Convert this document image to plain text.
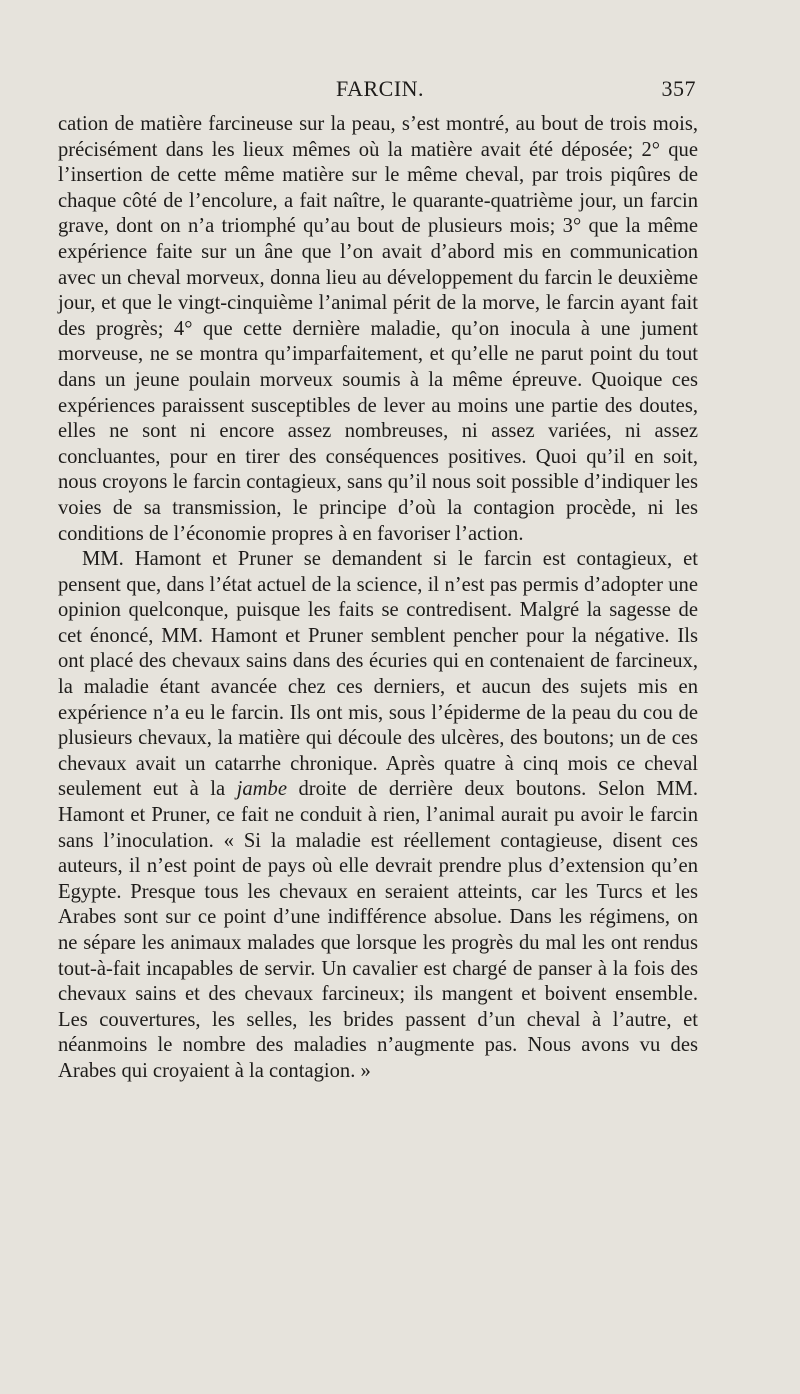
FARCIN.	357

cation de matière farcineuse sur la peau, s’est montré, au bout de trois mois, précisément dans les lieux mêmes où la matière avait été déposée; 2° que l’insertion de cette même matière sur le même cheval, par trois piqûres de chaque côté de l’encolure, a fait naître, le quarante-quatrième jour, un farcin grave, dont on n’a triomphé qu’au bout de plusieurs mois; 3° que la même expérience faite sur un âne que l’on avait d’abord mis en communication avec un cheval morveux, donna lieu au développement du farcin le deuxième jour, et que le vingt-cinquième l’animal périt de la morve, le farcin ayant fait des progrès; 4° que cette dernière maladie, qu’on inocula à une jument morveuse, ne se montra qu’imparfaitement, et qu’elle ne parut point du tout dans un jeune poulain morveux soumis à la même épreuve. Quoique ces expériences paraissent susceptibles de lever au moins une partie des doutes, elles ne sont ni encore assez nombreuses, ni assez variées, ni assez concluantes, pour en tirer des conséquences positives. Quoi qu’il en soit, nous croyons le farcin contagieux, sans qu’il nous soit possible d’indiquer les voies de sa transmission, le principe d’où la contagion procède, ni les conditions de l’économie propres à en favoriser l’action.

MM. Hamont et Pruner se demandent si le farcin est contagieux, et pensent que, dans l’état actuel de la science, il n’est pas permis d’adopter une opinion quelconque, puisque les faits se contredisent. Malgré la sagesse de cet énoncé, MM. Hamont et Pruner semblent pencher pour la négative. Ils ont placé des chevaux sains dans des écuries qui en contenaient de farcineux, la maladie étant avancée chez ces derniers, et aucun des sujets mis en expérience n’a eu le farcin. Ils ont mis, sous l’épiderme de la peau du cou de plusieurs chevaux, la matière qui découle des ulcères, des boutons; un de ces chevaux avait un catarrhe chronique. Après quatre à cinq mois ce cheval seulement eut à la jambe droite de derrière deux boutons. Selon MM. Hamont et Pruner, ce fait ne conduit à rien, l’animal aurait pu avoir le farcin sans l’inoculation. « Si la maladie est réellement contagieuse, disent ces auteurs, il n’est point de pays où elle devrait prendre plus d’extension qu’en Egypte. Presque tous les chevaux en seraient atteints, car les Turcs et les Arabes sont sur ce point d’une indifférence absolue. Dans les régimens, on ne sépare les animaux malades que lorsque les progrès du mal les ont rendus tout-à-fait incapables de servir. Un cavalier est chargé de panser à la fois des chevaux sains et des chevaux farcineux; ils mangent et boivent ensemble. Les couvertures, les selles, les brides passent d’un cheval à l’autre, et néanmoins le nombre des maladies n’augmente pas. Nous avons vu des Arabes qui croyaient à la contagion. »
